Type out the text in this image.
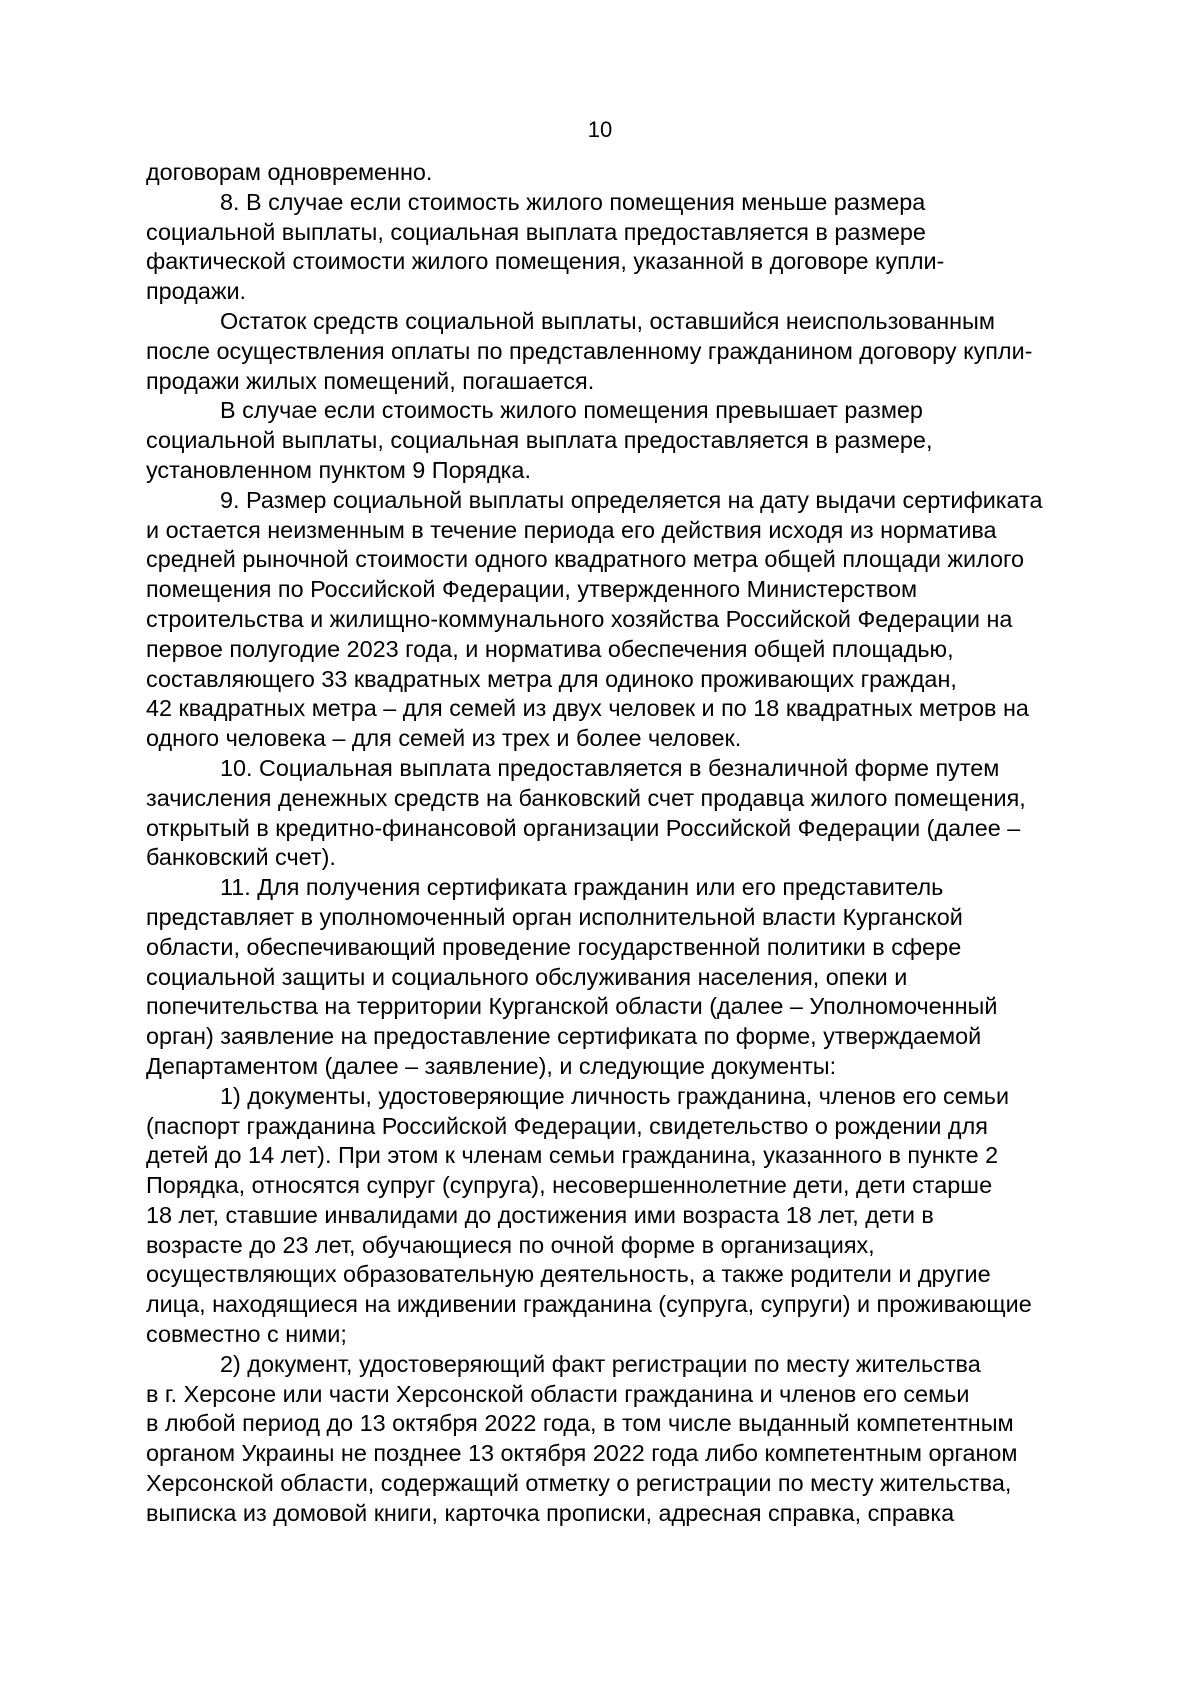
10

договорам одновременно.

8. В случае если стоимость жилого помещения меньше размера
социальной выплаты, социальная выплата предоставляется в размере
фактической стоимости жилого помещения, указанной в договоре купли-
продажи.

Остаток средств социальной выплаты, оставшийся неиспользованным
после осуществления оплаты по представленному гражданином договору купли-
продажи жилых помещений, погашается.

В случае если стоимость жилого помещения превышает размер
социальной выплаты, социальная выплата предоставляется в размере,
установленном пунктом 9 Порядка.

9. Размер социальной выплаты определяется на дату выдачи сертификата
и остается неизменным в течение периода его действия исходя из норматива
средней рыночной стоимости одного квадратного метра общей площади жилого
помещения по Российской Федерации, утвержденного Министерством
строительства и жилищно-коммунального хозяйства Российской Федерации на
первое полугодие 2023 года, и норматива обеспечения общей площадью,
составляющего 33 квадратных метра для одиноко проживающих граждан,
42 квадратных метра – для семей из двух человек и по 18 квадратных метров на
одного человека – для семей из трех и более человек.

10. Социальная выплата предоставляется в безналичной форме путем
зачисления денежных средств на банковский счет продавца жилого помещения,
открытый в кредитно-финансовой организации Российской Федерации (далее –
банковский счет).

11. Для получения сертификата гражданин или его представитель
представляет в уполномоченный орган исполнительной власти Курганской
области, обеспечивающий проведение государственной политики в сфере
социальной защиты и социального обслуживания населения, опеки и
попечительства на территории Курганской области (далее – Уполномоченный
орган) заявление на предоставление сертификата по форме, утверждаемой
Департаментом (далее – заявление), и следующие документы:

1) документы, удостоверяющие личность гражданина, членов его семьи
(паспорт гражданина Российской Федерации, свидетельство о рождении для
детей до 14 лет). При этом к членам семьи гражданина, указанного в пункте 2
Порядка, относятся супруг (супруга), несовершеннолетние дети, дети старше
18 лет, ставшие инвалидами до достижения ими возраста 18 лет, дети в
возрасте до 23 лет, обучающиеся по очной форме в организациях,
осуществляющих образовательную деятельность, а также родители и другие
лица, находящиеся на иждивении гражданина (супруга, супруги) и проживающие
совместно с ними;

2) документ, удостоверяющий факт регистрации по месту жительства
в г. Херсоне или части Херсонской области гражданина и членов его семьи
в любой период до 13 октября 2022 года, в том числе выданный компетентным
органом Украины не позднее 13 октября 2022 года либо компетентным органом
Херсонской области, содержащий отметку о регистрации по месту жительства,
выписка из домовой книги, карточка прописки, адресная справка, справка
